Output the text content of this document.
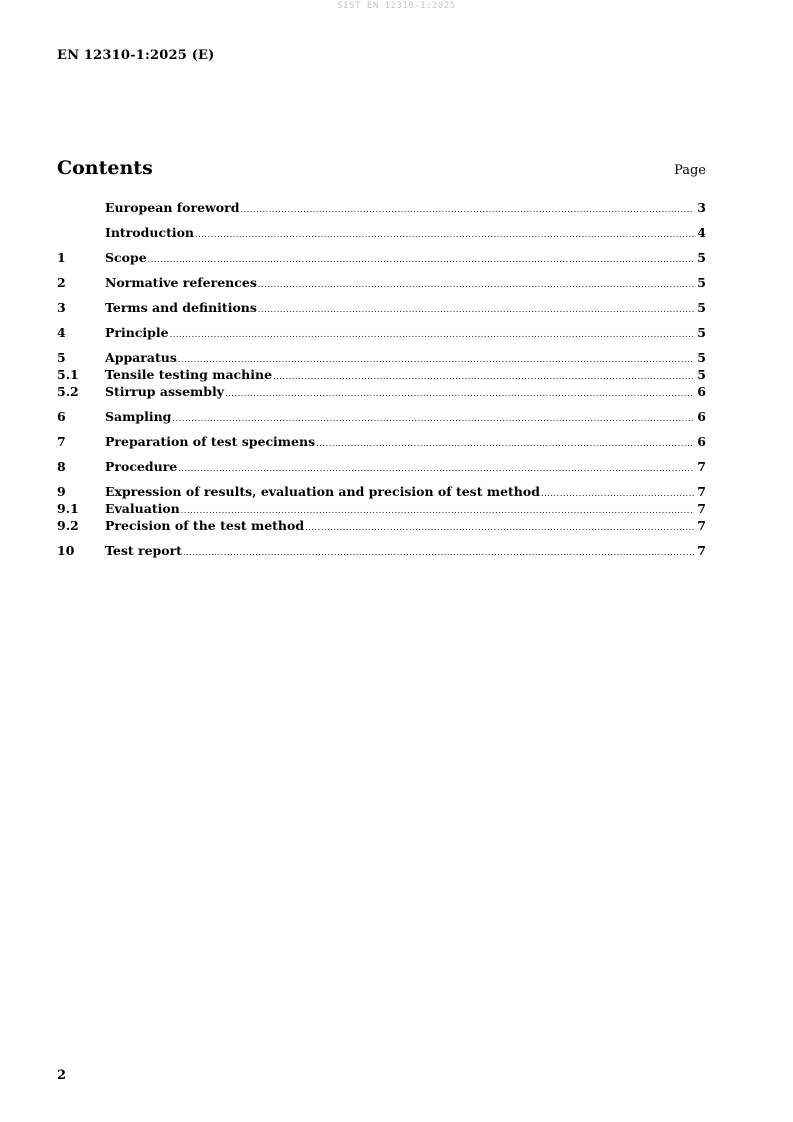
SIST EN 12310-1:2025
EN 12310-1:2025 (E)
Contents	Page
European foreword .....	3
Introduction .....	4
1	Scope .....	5
2	Normative references .....	5
3	Terms and definitions .....	5
4	Principle .....	5
5	Apparatus .....	5
5.1	Tensile testing machine .....	5
5.2	Stirrup assembly .....	6
6	Sampling .....	6
7	Preparation of test specimens .....	6
8	Procedure .....	7
9	Expression of results, evaluation and precision of test method .....	7
9.1	Evaluation .....	7
9.2	Precision of the test method .....	7
10	Test report .....	7
2
